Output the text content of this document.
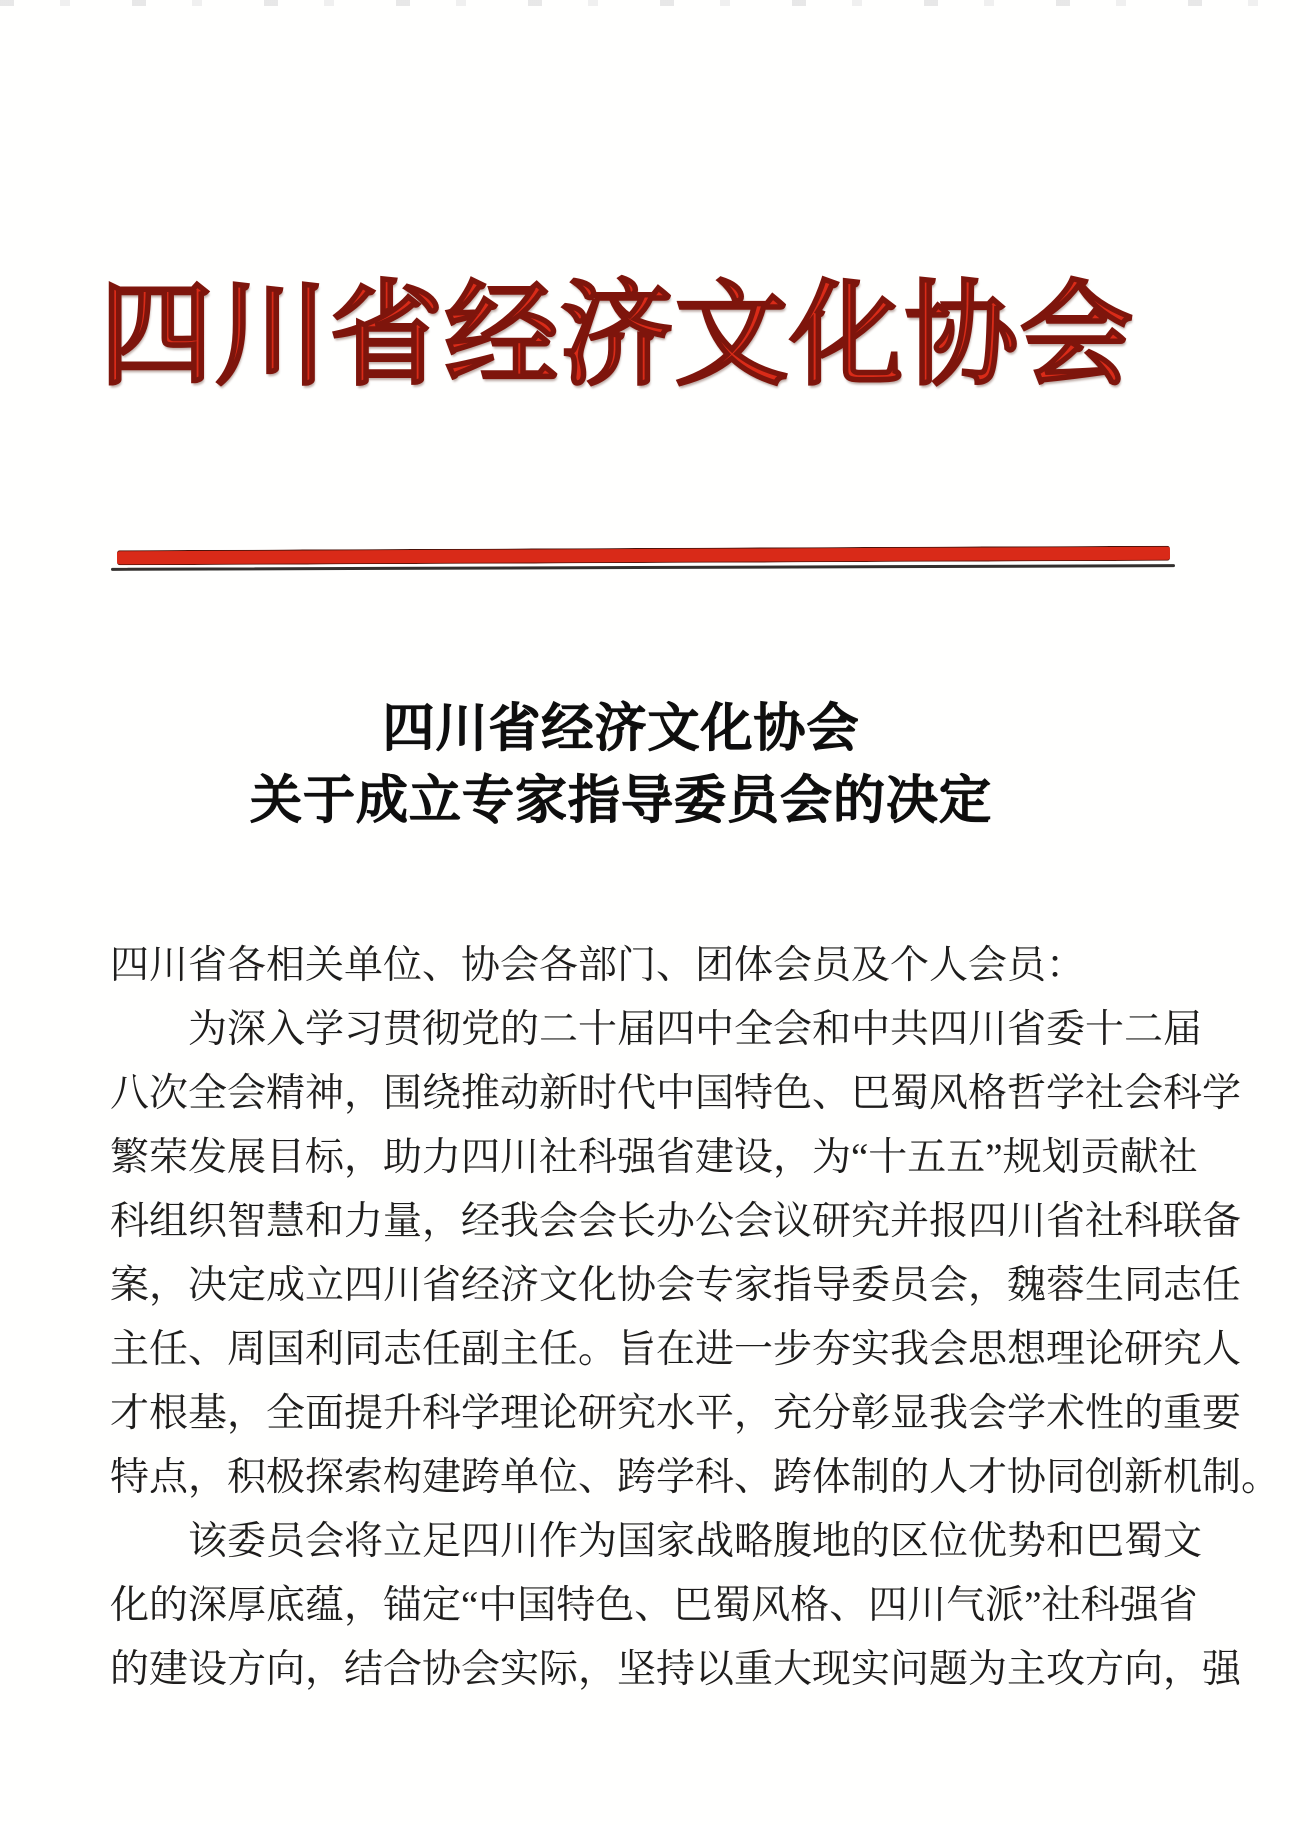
四川省经济文化协会
四川省经济文化协会
关于成立专家指导委员会的决定
四川省各相关单位、协会各部门、团体会员及个人会员：
为深入学习贯彻党的二十届四中全会和中共四川省委十二届
八次全会精神，围绕推动新时代中国特色、巴蜀风格哲学社会科学
繁荣发展目标，助力四川社科强省建设，为“十五五”规划贡献社
科组织智慧和力量，经我会会长办公会议研究并报四川省社科联备
案，决定成立四川省经济文化协会专家指导委员会，魏蓉生同志任
主任、周国利同志任副主任。旨在进一步夯实我会思想理论研究人
才根基，全面提升科学理论研究水平，充分彰显我会学术性的重要
特点，积极探索构建跨单位、跨学科、跨体制的人才协同创新机制。
该委员会将立足四川作为国家战略腹地的区位优势和巴蜀文
化的深厚底蕴，锚定“中国特色、巴蜀风格、四川气派”社科强省
的建设方向，结合协会实际，坚持以重大现实问题为主攻方向，强
